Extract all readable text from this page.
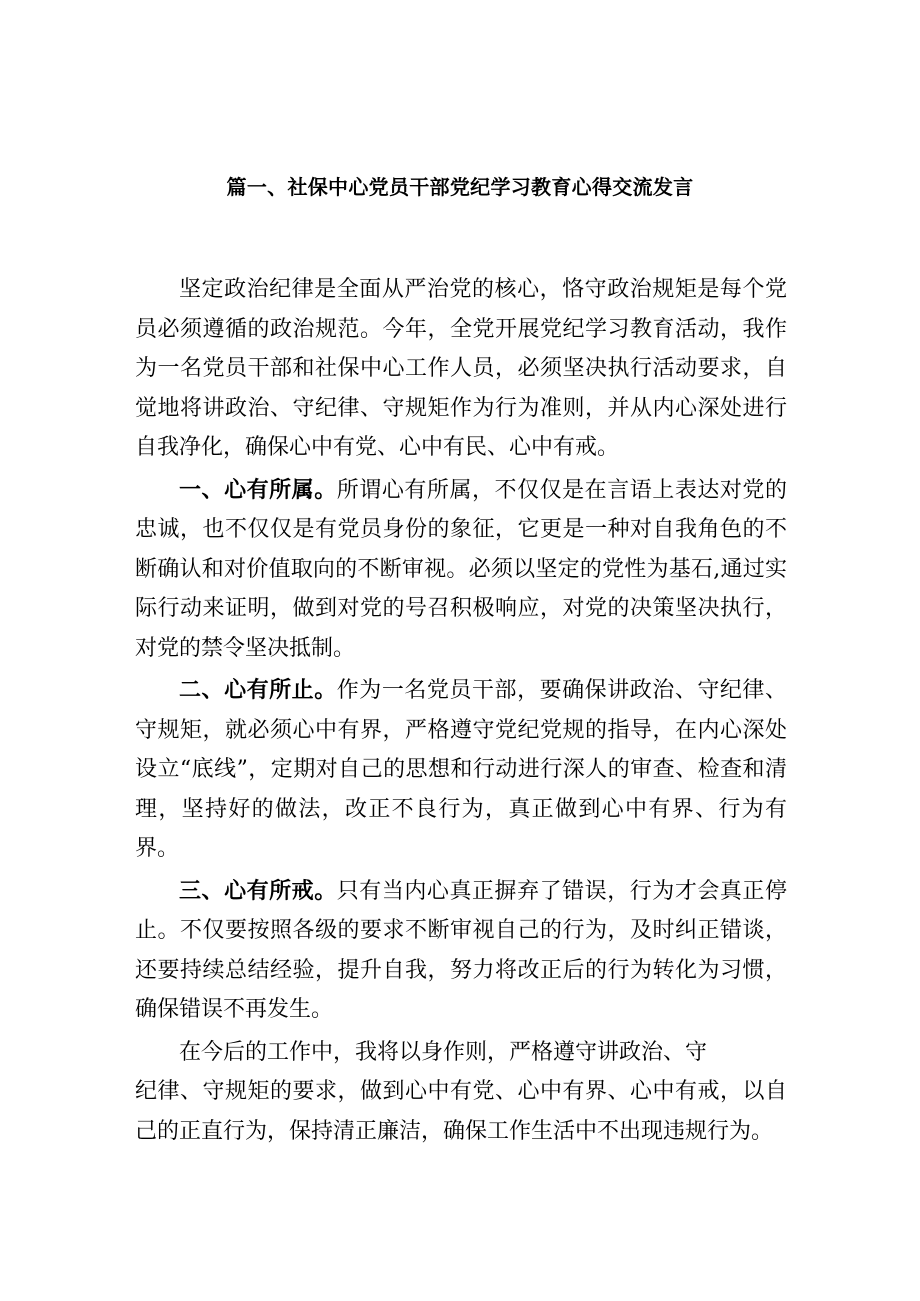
篇一、社保中心党员干部党纪学习教育心得交流发言

坚定政治纪律是全面从严治党的核心，恪守政治规矩是每个党员必须遵循的政治规范。今年，全党开展党纪学习教育活动，我作为一名党员干部和社保中心工作人员，必须坚决执行活动要求，自觉地将讲政治、守纪律、守规矩作为行为准则，并从内心深处进行自我净化，确保心中有党、心中有民、心中有戒。

一、心有所属。所谓心有所属，不仅仅是在言语上表达对党的忠诚，也不仅仅是有党员身份的象征，它更是一种对自我角色的不断确认和对价值取向的不断审视。必须以坚定的党性为基石,通过实际行动来证明，做到对党的号召积极响应，对党的决策坚决执行，对党的禁令坚决抵制。

二、心有所止。作为一名党员干部，要确保讲政治、守纪律、守规矩，就必须心中有界，严格遵守党纪党规的指导，在内心深处设立“底线”，定期对自己的思想和行动进行深人的审查、检查和清理，坚持好的做法，改正不良行为，真正做到心中有界、行为有界。

三、心有所戒。只有当内心真正摒弃了错误，行为才会真正停止。不仅要按照各级的要求不断审视自己的行为，及时纠正错谈，还要持续总结经验，提升自我，努力将改正后的行为转化为习惯，确保错误不再发生。

在今后的工作中，我将以身作则，严格遵守讲政治、守
纪律、守规矩的要求，做到心中有党、心中有界、心中有戒，以自己的正直行为，保持清正廉洁，确保工作生活中不出现违规行为。
